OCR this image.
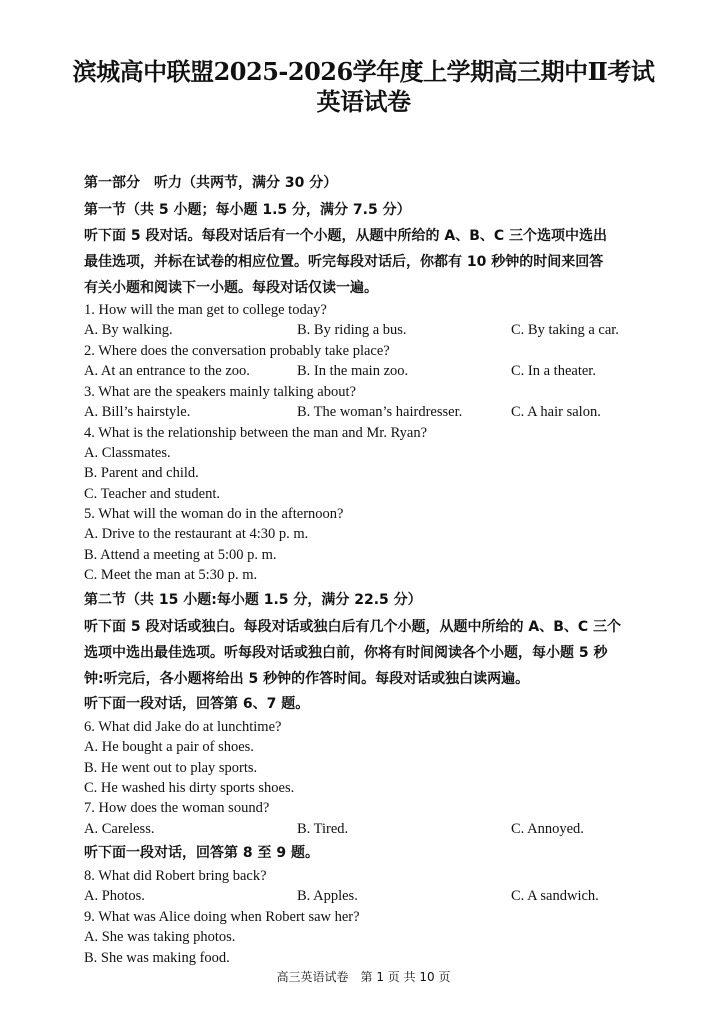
滨城高中联盟2025-2026学年度上学期高三期中Ⅱ考试
英语试卷
第一部分　听力（共两节，满分 30 分）
第一节（共 5 小题；每小题 1.5 分，满分 7.5 分）
听下面 5 段对话。每段对话后有一个小题，从题中所给的 A、B、C 三个选项中选出
最佳选项，并标在试卷的相应位置。听完每段对话后，你都有 10 秒钟的时间来回答
有关小题和阅读下一小题。每段对话仅读一遍。
1. How will the man get to college today?
A. By walking.	B. By riding a bus.	C. By taking a car.
2. Where does the conversation probably take place?
A. At an entrance to the zoo.	B. In the main zoo.	C. In a theater.
3. What are the speakers mainly talking about?
A. Bill’s hairstyle.	B. The woman’s hairdresser.	C. A hair salon.
4. What is the relationship between the man and Mr. Ryan?
A. Classmates.
B. Parent and child.
C. Teacher and student.
5. What will the woman do in the afternoon?
A. Drive to the restaurant at 4:30 p. m.
B. Attend a meeting at 5:00 p. m.
C. Meet the man at 5:30 p. m.
第二节（共 15 小题:每小题 1.5 分，满分 22.5 分）
听下面 5 段对话或独白。每段对话或独白后有几个小题，从题中所给的 A、B、C 三个
选项中选出最佳选项。听每段对话或独白前，你将有时间阅读各个小题，每小题 5 秒
钟:听完后，各小题将给出 5 秒钟的作答时间。每段对话或独白读两遍。
听下面一段对话，回答第 6、7 题。
6. What did Jake do at lunchtime?
A. He bought a pair of shoes.
B. He went out to play sports.
C. He washed his dirty sports shoes.
7. How does the woman sound?
A. Careless.	B. Tired.	C. Annoyed.
听下面一段对话，回答第 8 至 9 题。
8. What did Robert bring back?
A. Photos.	B. Apples.	C. A sandwich.
9. What was Alice doing when Robert saw her?
A. She was taking photos.
B. She was making food.
高三英语试卷　第 1 页 共 10 页
